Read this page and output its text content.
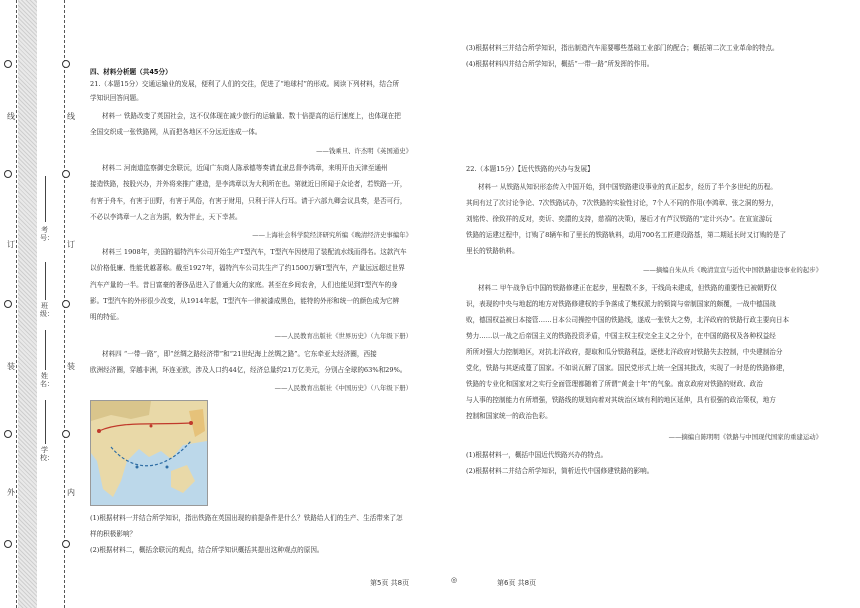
线
订
装
外
线
订
装
内
考号：
班级：
姓名：
学校：
四、材料分析题（共45分）
21.（本题15分）交通运输业的发展，便利了人们的交往，促进了“地球村”的形成。阅读下列材料，结合所
学知识回答问题。
材料一 铁路改变了英国社会，这不仅体现在减少旅行的运输量、数十倍提高的运行速度上，也体现在把
全国交织成一张铁路网，从而把各地区不分远近连成一体。
——钱乘旦、许杰明《英国通史》
材料二 河南道监察御史余联沅，近闻广东商人陈承德等奏请直隶总督李鸿章，来明开由天津至通州
接造铁路，按股兴办，并外将来推广建造，是李鸿章以为大利所在也。第就近日所闻于众论者，若铁路一开，
有害于舟车，有害于田野，有害于风俗，有害于财用，只利于洋人行耳。请于六部九卿会议具奏，是否可行，
不必以李鸿章一人之言为据，敕为伴止，天下幸甚。
——上海社会科学院经济研究所编《晚清经济史事编年》
材料三 1908年，美国的福特汽车公司开始生产T型汽车，T型汽车因使用了装配流水线而得名。这款汽车
以价格低廉、性能优越著称。截至1927年，福特汽车公司共生产了约1500万辆T型汽车，产量远远超过世界
汽车产量的一半。昔日富豪的奢侈品进入了普通大众的家庭。甚至在乡间农舍，人们也能见到T型汽车的身
影。T型汽车的外形很少改变，从1914年起，T型汽车一律被漆成黑色，能特的外形和统一的颜色成为它辨
明的特征。
——人民教育出版社《世界历史》（九年级下册）
材料四 “一带一路”，即“丝绸之路经济带”和“21世纪海上丝绸之路”。它东牵亚太经济圈，西接
欧洲经济圈，穿越非洲，环连亚欧，涉及人口约44亿，经济总量约21万亿美元，分别占全球的63%和29%。
——人民教育出版社《中国历史》（八年级下册）
(1)根据材料一并结合所学知识，指出铁路在英国出现的前提条件是什么？铁路给人们的生产、生活带来了怎
样的积极影响？
(2)根据材料二，概括余联沅的观点，结合所学知识概括其提出这种观点的原因。
(3)根据材料三并结合所学知识，指出制造汽车需要哪些基础工业部门的配合；概括第二次工业革命的特点。
(4)根据材料四并结合所学知识，概括“一带一路”所发挥的作用。
22.（本题15分）【近代铁路的兴办与发展】
材料一 从铁路从知识形态传入中国开始，到中国铁路建设事业的真正起步，经历了半个多世纪的历程。
其间有过了次讨论争论、7次铁路试办，7次铁路的实验性讨论，7个人不同的作用(李鸿章、张之洞的努力，
刘铭传、徐致祥的反对，奕䜣、奕譞的支持，慈禧的决策)，屡后才有芦汉铁路的“定计兴办”。在宣宣游玩
铁路的运建过程中，订购了8辆车和了里长的铁路轨料，动用700名工匠建设路基，第二期延长时又订购的是了
里长的铁路轨料。
——摘编自朱从兵《晚清宣宣与近代中国铁路建设事业的起步》
材料二 甲午战争后中国的铁路修建正在起步，里程数不多，干线尚未建成，但铁路的重要性已被朝野仅
识，表现的中央与地起的地方对铁路修建权的手争落成了集权派力的锁筒与帝制国家的颇覆，一战中德国战
败，德国权益被日本接管……日本公司操控中国的铁路线，遂成一张铁大之势，北洋政府的铁路行政主要向日本
势力……以一战之后帝国主义的铁路投资矛盾，中国主权主权完全主义之分个，在中国的路权及各种权益经
所所对强大力控制地区，对抗北洋政府，提取和瓜分铁路利益，逐使北洋政府对铁路失去控制，中央建制治分
党化，铁路与其逐成蔓了国家。不如说瓦解了国家。国民党形式上统一全国其批改，实现了一时是的铁路修建，
铁路的专业化和国家对之实行全面管理都随着了所谓“黄金十年”的气象。南京政府对铁路的财政、政治
与人事的控制能力有所增强，铁路线的规划向着对其统治区域有利的地区延伸，具有很强的政治策权，地方
控制和国家统一的政治色彩。
——摘编自陈明明《铁路与中国现代国家的重建运动》
(1)根据材料一，概括中国近代铁路兴办的特点。
(2)根据材料二并结合所学知识，简析近代中国修建铁路的影响。
第5页 共8页	◎	第6页 共8页
